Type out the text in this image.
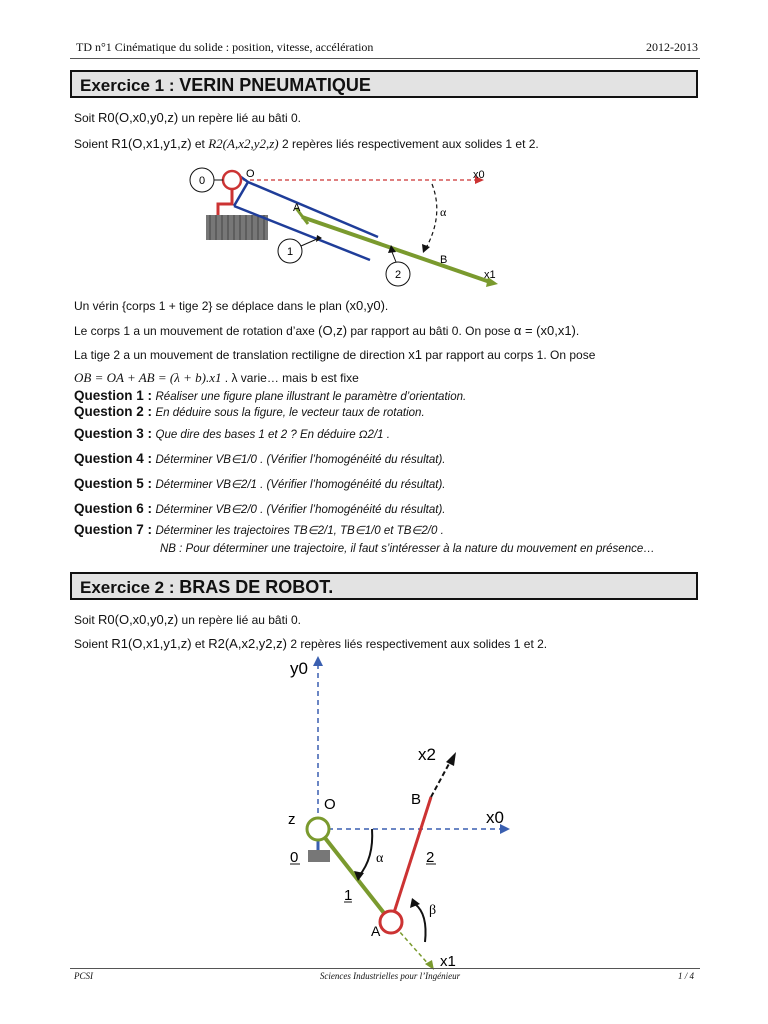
TD n°1 Cinématique du solide : position, vitesse, accélération	2012-2013
Exercice 1 : VERIN PNEUMATIQUE
Soit R0(O,x0,y0,z) un repère lié au bâti 0.
Soient R1(O,x1,y1,z) et R2(A,x2,y2,z) 2 repères liés respectivement aux solides 1 et 2.
0
O	x0
A	α
1
B
2	x1
Un vérin {corps 1 + tige 2} se déplace dans le plan (x0,y0).
Le corps 1 a un mouvement de rotation d’axe (O,z) par rapport au bâti 0. On pose α = (x0,x1).
La tige 2 a un mouvement de translation rectiligne de direction x1 par rapport au corps 1. On pose
OB = OA + AB = (λ + b).x1 . λ varie… mais b est fixe
Question 1 : Réaliser une figure plane illustrant le paramètre d’orientation.
Question 2 : En déduire sous la figure, le vecteur taux de rotation.
Question 3 : Que dire des bases 1 et 2 ? En déduire Ω2/1 .
Question 4 : Déterminer VB∈1/0 . (Vérifier l’homogénéité du résultat).
Question 5 : Déterminer VB∈2/1 . (Vérifier l’homogénéité du résultat).
Question 6 : Déterminer VB∈2/0 . (Vérifier l’homogénéité du résultat).
Question 7 : Déterminer les trajectoires TB∈2/1, TB∈1/0 et TB∈2/0 .
NB : Pour déterminer une trajectoire, il faut s’intéresser à la nature du mouvement en présence…
Exercice 2 : BRAS DE ROBOT.
Soit R0(O,x0,y0,z) un repère lié au bâti 0.
Soient R1(O,x1,y1,z) et R2(A,x2,y2,z) 2 repères liés respectivement aux solides 1 et 2.
y0
x2
B
z
O
x0
0	α	2
1
β
A
x1
PCSI	Sciences Industrielles pour l’Ingénieur	1 / 4
